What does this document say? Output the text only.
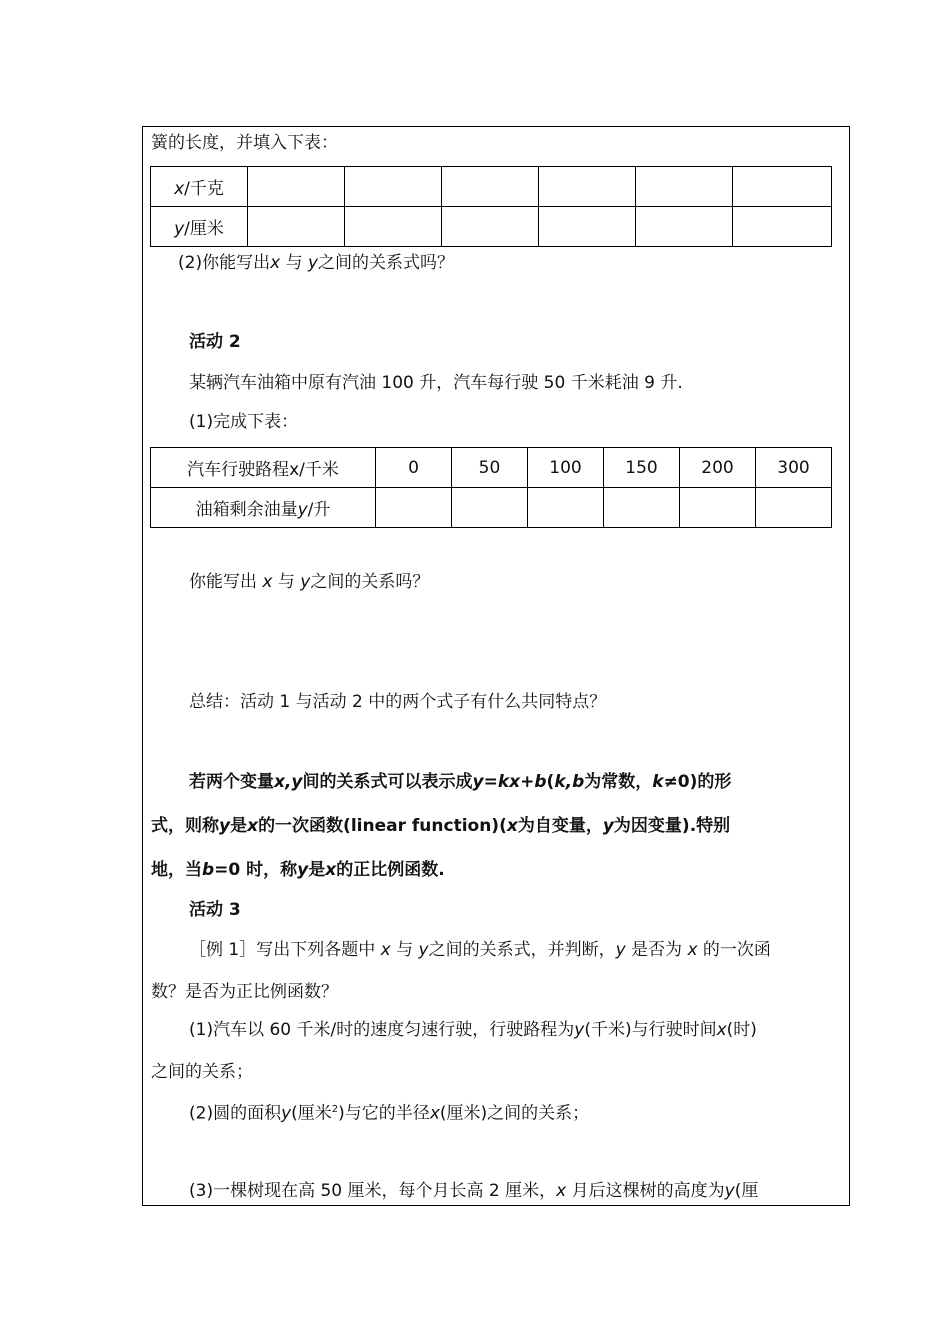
簧的长度，并填入下表：
x/千克						
y/厘米						
(2)你能写出x 与 y之间的关系式吗？
活动 2
某辆汽车油箱中原有汽油 100 升，汽车每行驶 50 千米耗油 9 升.
(1)完成下表：
汽车行驶路程x/千米	0	50	100	150	200	300
油箱剩余油量y/升						
你能写出 x 与 y之间的关系吗？
总结：活动 1 与活动 2 中的两个式子有什么共同特点？
若两个变量x,y间的关系式可以表示成y=kx+b(k,b为常数，k≠0)的形
式，则称y是x的一次函数(linear function)(x为自变量，y为因变量).特别
地，当b=0 时，称y是x的正比例函数.
活动 3
［例 1］写出下列各题中 x 与 y之间的关系式，并判断，y 是否为 x 的一次函
数？是否为正比例函数？
(1)汽车以 60 千米/时的速度匀速行驶，行驶路程为y(千米)与行驶时间x(时)
之间的关系；
(2)圆的面积y(厘米$^2$)与它的半径x(厘米)之间的关系；
(3)一棵树现在高 50 厘米，每个月长高 2 厘米，x 月后这棵树的高度为y(厘
